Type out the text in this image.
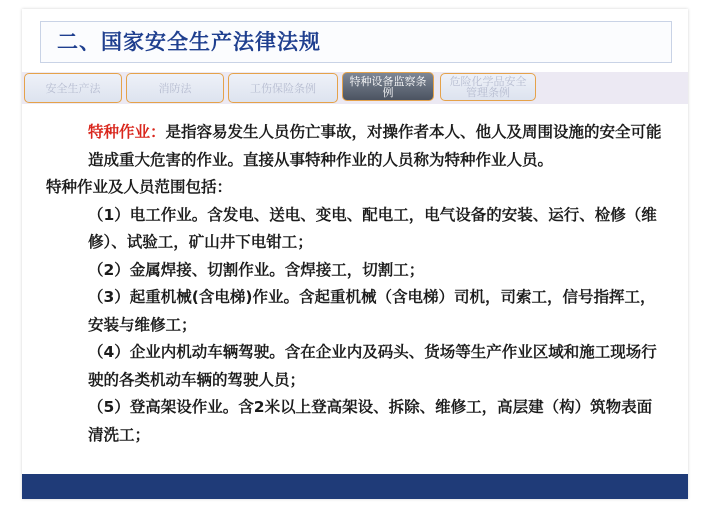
二、国家安全生产法律法规
安全生产法	消防法	工伤保险条例
特种设备监察条例
危险化学品安全管理条例

特种作业：是指容易发生人员伤亡事故，对操作者本人、他人及周围设施的安全可能造成重大危害的作业。直接从事特种作业的人员称为特种作业人员。

特种作业及人员范围包括：

（1）电工作业。含发电、送电、变电、配电工，电气设备的安装、运行、检修（维修）、试验工，矿山井下电钳工；

（2）金属焊接、切割作业。含焊接工，切割工；

（3）起重机械(含电梯)作业。含起重机械（含电梯）司机，司索工，信号指挥工，安装与维修工；

（4）企业内机动车辆驾驶。含在企业内及码头、货场等生产作业区域和施工现场行驶的各类机动车辆的驾驶人员；

（5）登高架设作业。含2米以上登高架设、拆除、维修工，高层建（构）筑物表面清洗工；
